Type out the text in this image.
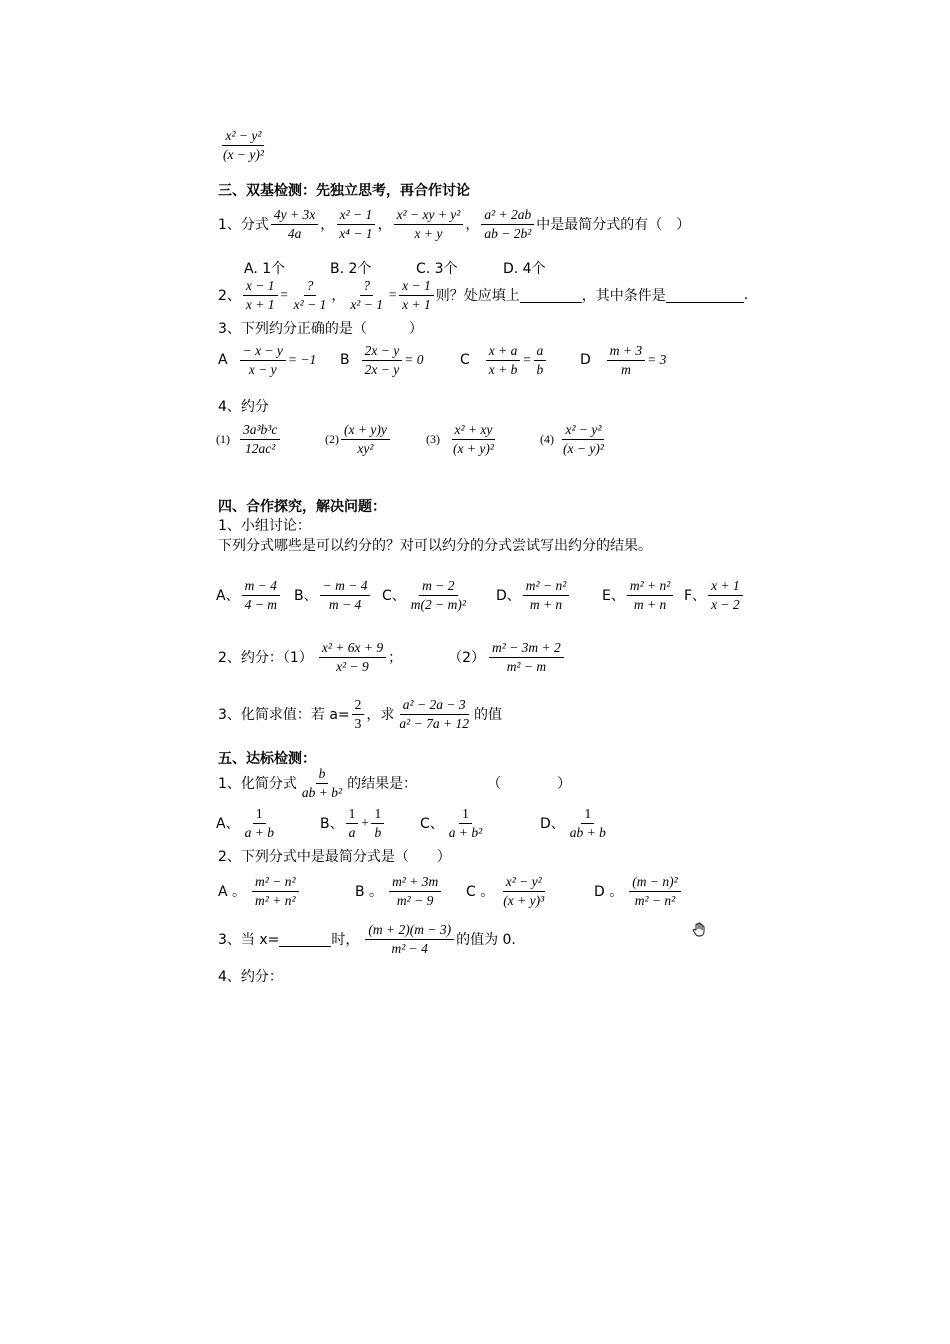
$\frac{\text{x² − y²}}{\text{(x − y)²}}$
三、双基检测：先独立思考，再合作讨论
1、分式 $\frac{4y + 3x}{4a}$ ， $\frac{\text{x² − 1}}{\text{x⁴ − 1}}$ ， $\frac{\text{x² − xy + y²}}{x + y}$ ， $\frac{\text{a² + 2ab}}{\text{ab − 2b²}}$ 中是最简分式的有（　）
A. 1个	B. 2个	C. 3个	D. 4个
2、 $\frac{x - 1}{x + 1} = \frac{?}{\text{x² − 1}}$ ， $\frac{?}{\text{x² − 1}} = \frac{x - 1}{x + 1}$ 则？处应填上	，其中条件是	.
3、下列约分正确的是（　　　）
A $\frac{- x - y}{x - y} = -1$ B $\frac{2x - y}{2x - y} = 0$	C $\frac{x + a}{x + b} = \frac{a}{b}$ D $\frac{m + 3}{m} = 3$
4、约分
$(1) \frac{\text{3a³b³c}}{\text{12ac²}}$	$(2) \frac{(x + y)y}{\text{xy²}}$	$(3) \frac{\text{x² + xy}}{\text{(x + y)²}}$	$(4) \frac{\text{x² − y²}}{\text{(x − y)²}}$
四、合作探究，解决问题：
1、小组讨论：
下列分式哪些是可以约分的？对可以约分的分式尝试写出约分的结果。
A、 $\frac{m - 4}{4 - m}$ B、 $\frac{- m - 4}{m - 4}$ C、 $\frac{m - 2}{\text{m(2 − m)²}}$ D、 $\frac{\text{m² − n²}}{m + n}$ E、 $\frac{\text{m² + n²}}{m + n}$ F、 $\frac{x + 1}{x - 2}$
2、约分：$(1) \frac{\text{x² + 6x + 9}}{\text{x² − 9}}$ ；	$(2) \frac{\text{m² − 3m + 2}}{\text{m² − m}}$
3、化简求值：若 $a= \frac{2}{3}$ ，求 $\frac{\text{a² − 2a − 3}}{\text{a² − 7a + 12}}$ 的值
五、达标检测：
1、化简分式 $\frac{b}{\text{ab + b²}}$ 的结果是：	（　　　　）
A、 $\frac{1}{a + b}$	B、 $\frac{1}{a} + \frac{1}{b}$	C、 $\frac{1}{\text{a + b²}}$	D、 $\frac{1}{ab + b}$
2、下列分式中是最简分式是（　　）
A 。 $\frac{\text{m² − n²}}{\text{m² + n²}}$	B 。 $\frac{\text{m² + 3m}}{\text{m² − 9}}$ C 。 $\frac{\text{x² − y²}}{\text{(x + y)³}}$	D 。 $\frac{\text{(m − n)²}}{\text{m² − n²}}$
3、当 x=	时， $\frac{(m + 2)(m - 3)}{\text{m² − 4}}$ 的值为 0.
4、约分：
